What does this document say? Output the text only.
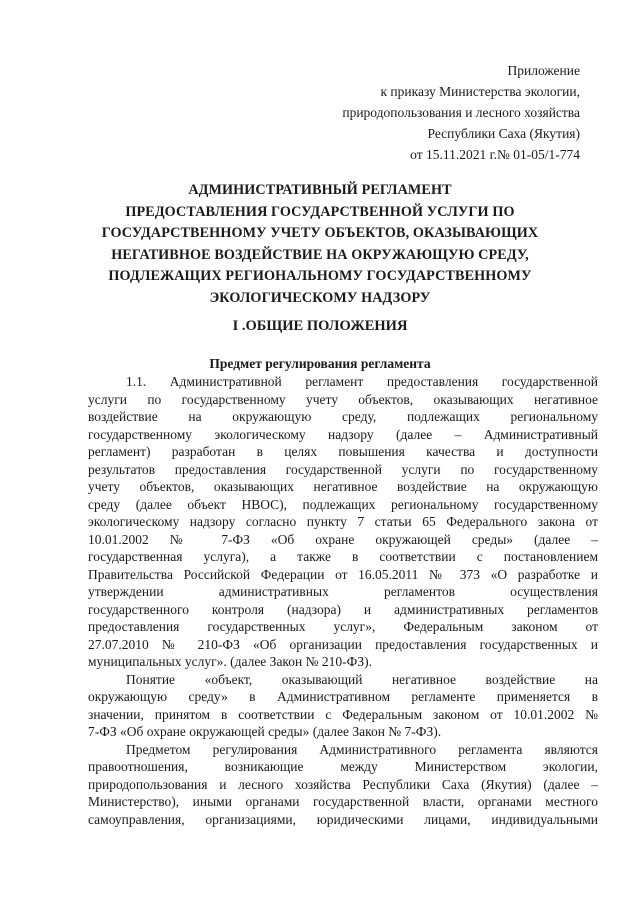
Приложение
к приказу Министерства экологии,
природопользования и лесного хозяйства
Республики Саха (Якутия)
от 15.11.2021 г.№ 01-05/1-774
АДМИНИСТРАТИВНЫЙ РЕГЛАМЕНТ
ПРЕДОСТАВЛЕНИЯ ГОСУДАРСТВЕННОЙ УСЛУГИ ПО
ГОСУДАРСТВЕННОМУ УЧЕТУ ОБЪЕКТОВ, ОКАЗЫВАЮЩИХ
НЕГАТИВНОЕ ВОЗДЕЙСТВИЕ НА ОКРУЖАЮЩУЮ СРЕДУ,
ПОДЛЕЖАЩИХ РЕГИОНАЛЬНОМУ ГОСУДАРСТВЕННОМУ
ЭКОЛОГИЧЕСКОМУ НАДЗОРУ
I .ОБЩИЕ ПОЛОЖЕНИЯ
Предмет регулирования регламента
1.1. Административной регламент предоставления государственной
услуги по государственному учету объектов, оказывающих негативное
воздействие на окружающую среду, подлежащих региональному
государственному экологическому надзору (далее – Административный
регламент) разработан в целях повышения качества и доступности
результатов предоставления государственной услуги по государственному
учету объектов, оказывающих негативное воздействие на окружающую
среду (далее объект НВОС), подлежащих региональному государственному
экологическому надзору согласно пункту 7 статьи 65 Федерального закона от
10.01.2002 № 7-ФЗ «Об охране окружающей среды» (далее –
государственная услуга), а также в соответствии с постановлением
Правительства Российской Федерации от 16.05.2011 № 373 «О разработке и
утверждении административных регламентов осуществления
государственного контроля (надзора) и административных регламентов
предоставления государственных услуг», Федеральным законом от
27.07.2010 № 210-ФЗ «Об организации предоставления государственных и
муниципальных услуг». (далее Закон № 210-ФЗ).
Понятие «объект, оказывающий негативное воздействие на
окружающую среду» в Административном регламенте применяется в
значении, принятом в соответствии с Федеральным законом от 10.01.2002 №
7-ФЗ «Об охране окружающей среды» (далее Закон № 7-ФЗ).
Предметом регулирования Административного регламента являются
правоотношения, возникающие между Министерством экологии,
природопользования и лесного хозяйства Республики Саха (Якутия) (далее –
Министерство), иными органами государственной власти, органами местного
самоуправления, организациями, юридическими лицами, индивидуальными
